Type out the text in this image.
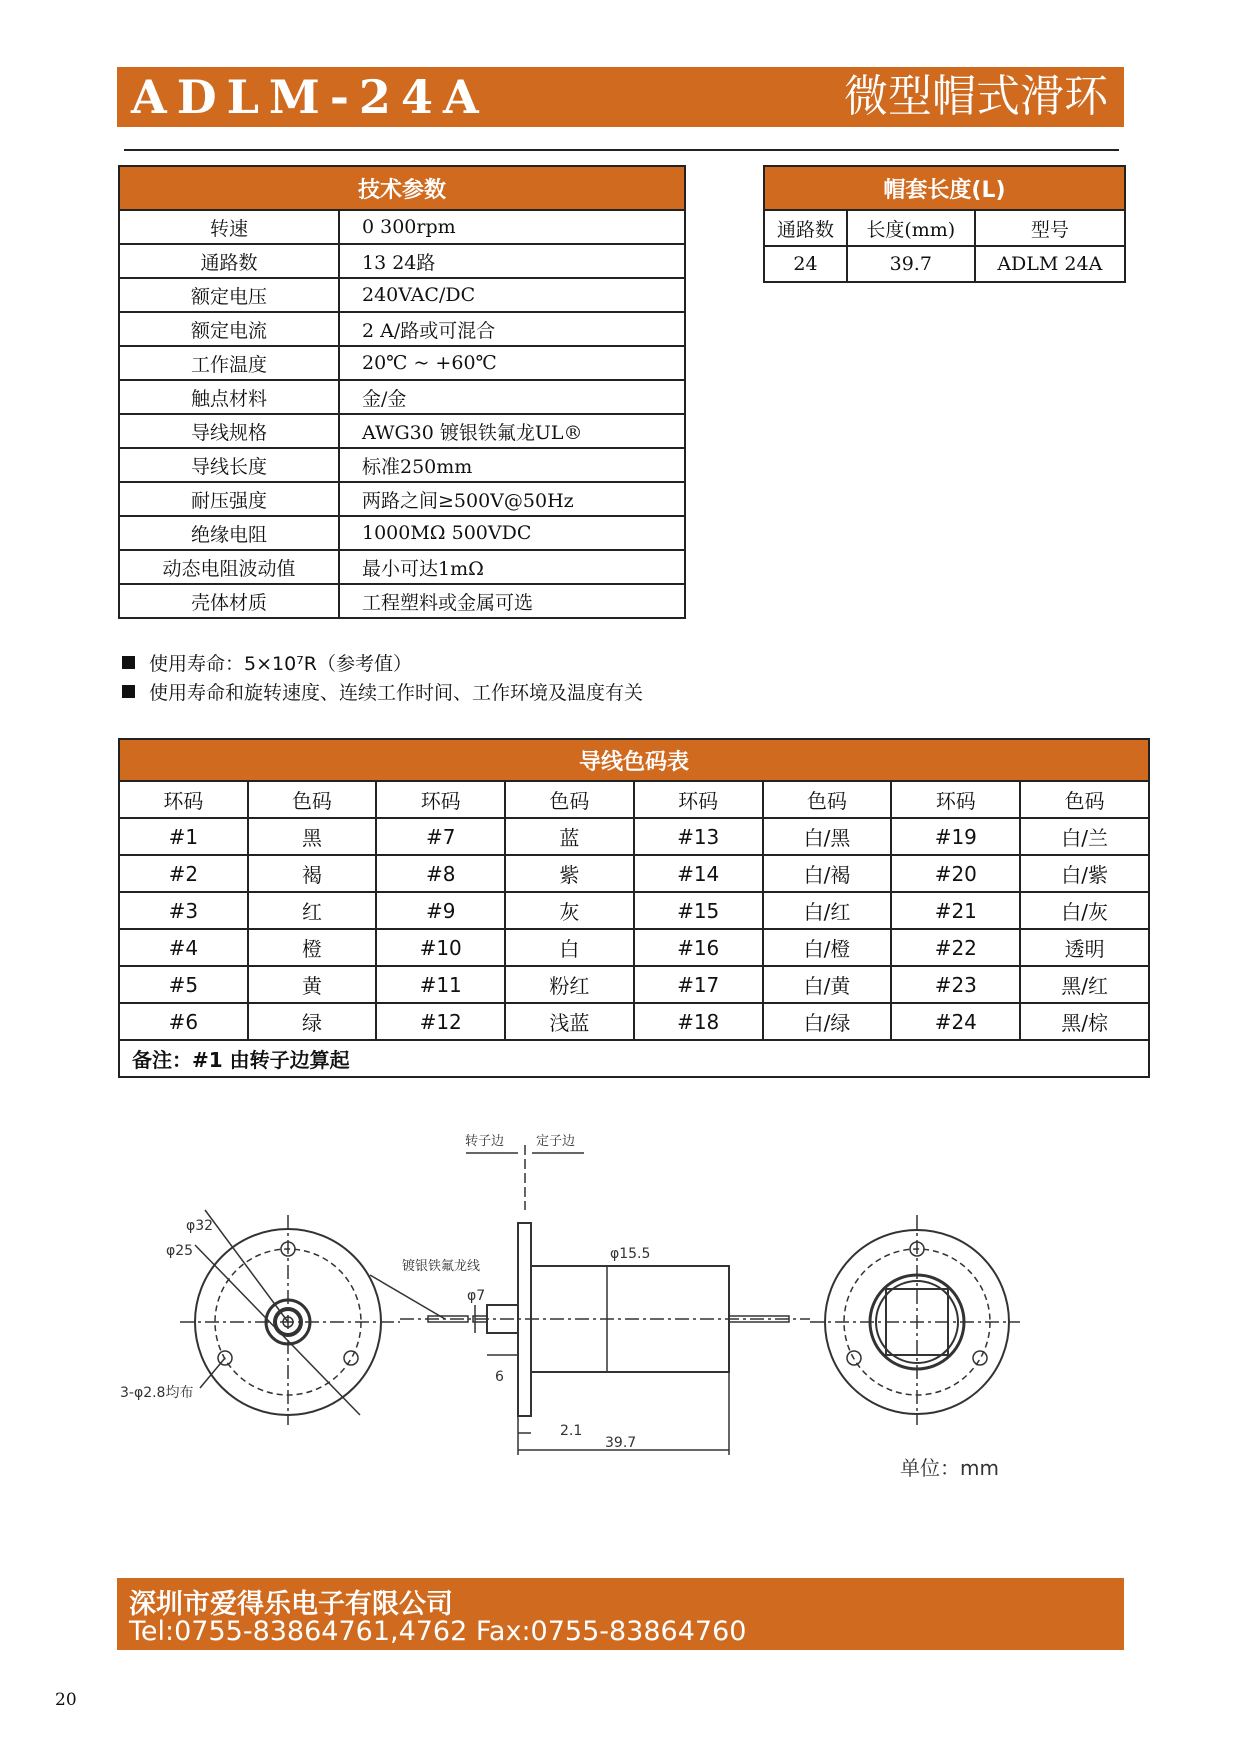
ADLM-24A	微型帽式滑环
技术参数	
转速	0 300rpm
通路数	13 24路
额定电压	240VAC/DC
额定电流	2 A/路或可混合
工作温度	20℃ ~ +60℃
触点材料	金/金
导线规格	AWG30 镀银铁氟龙UL®
导线长度	标准250mm
耐压强度	两路之间≥500V@50Hz
绝缘电阻	1000MΩ 500VDC
动态电阻波动值	最小可达1mΩ
壳体材质	工程塑料或金属可选
帽套长度(L)		
通路数	长度(mm)	型号
24	39.7	ADLM 24A
使用寿命：5×10⁷R（参考值）
使用寿命和旋转速度、连续工作时间、工作环境及温度有关
导线色码表							
环码	色码	环码	色码	环码	色码	环码	色码
#1	黑	#7	蓝	#13	白/黑	#19	白/兰
#2	褐	#8	紫	#14	白/褐	#20	白/紫
#3	红	#9	灰	#15	白/红	#21	白/灰
#4	橙	#10	白	#16	白/橙	#22	透明
#5	黄	#11	粉红	#17	白/黄	#23	黑/红
#6	绿	#12	浅蓝	#18	白/绿	#24	黑/棕
备注：#1 由转子边算起							
转子边 定子边
φ32
φ25
3-φ2.8均布
镀银铁氟龙线
φ7
φ15.5
6
2.1
39.7
单位：mm
深圳市爱得乐电子有限公司
Tel:0755-83864761,4762 Fax:0755-83864760
20
